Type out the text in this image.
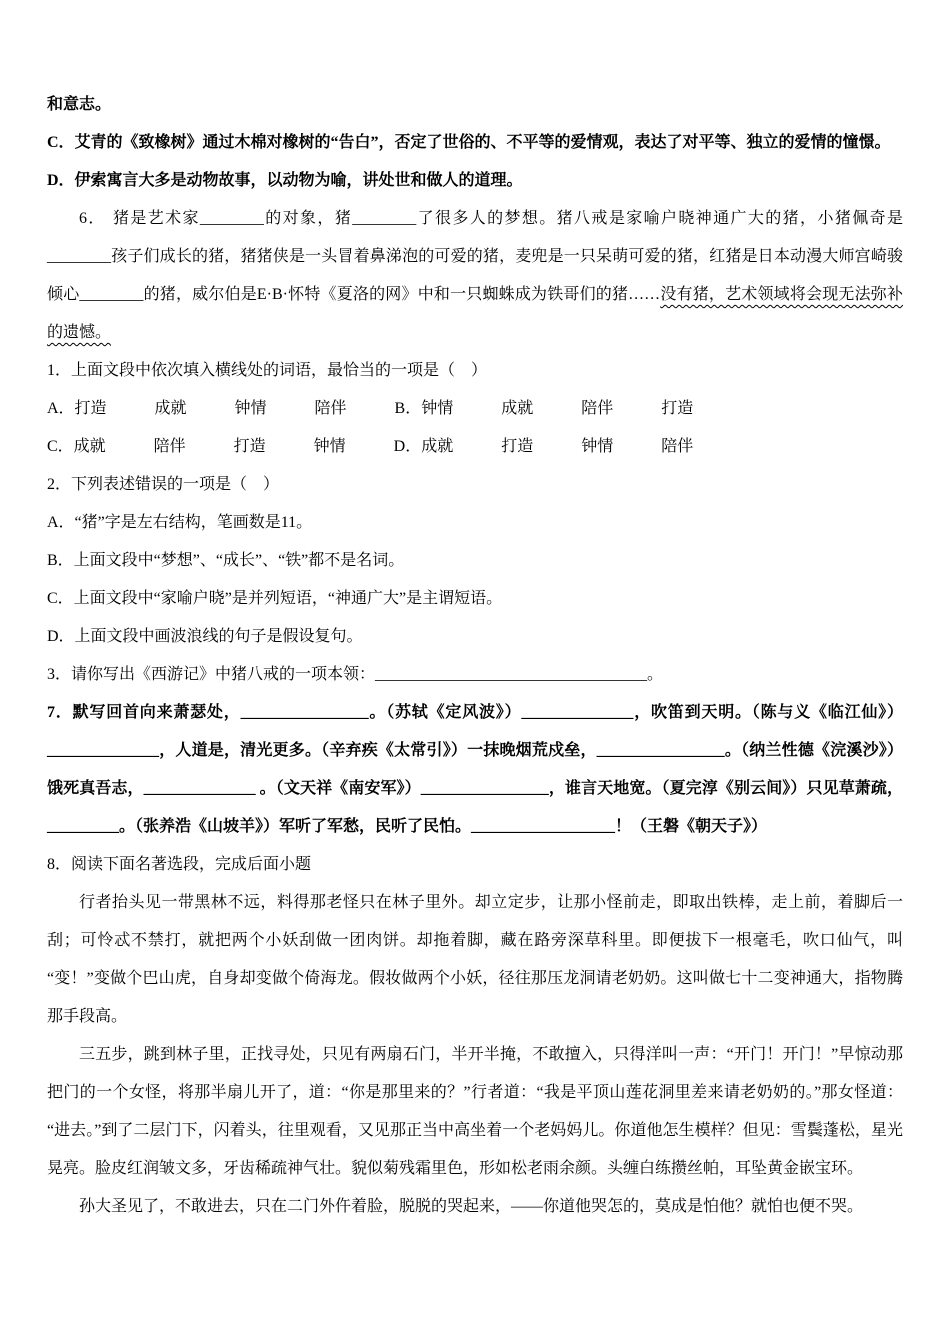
和意志。

C．艾青的《致橡树》通过木棉对橡树的“告白”，否定了世俗的、不平等的爱情观，表达了对平等、独立的爱情的憧憬。

D．伊索寓言大多是动物故事，以动物为喻，讲处世和做人的道理。

6． 猪是艺术家________的对象，猪________了很多人的梦想。猪八戒是家喻户晓神通广大的猪，小猪佩奇是________孩子们成长的猪，猪猪侠是一头冒着鼻涕泡的可爱的猪，麦兜是一只呆萌可爱的猪，红猪是日本动漫大师宫崎骏倾心________的猪，威尔伯是E·B·怀特《夏洛的网》中和一只蜘蛛成为铁哥们的猪……没有猪，艺术领域将会现无法弥补的遗憾。

1．上面文段中依次填入横线处的词语，最恰当的一项是（　）

A．打造　　　成就　　　钟情　　　陪伴　　　B．钟情　　　成就　　　陪伴　　　打造

C．成就　　　陪伴　　　打造　　　钟情　　　D．成就　　　打造　　　钟情　　　陪伴

2．下列表述错误的一项是（　）

A．“猪”字是左右结构，笔画数是11。

B．上面文段中“梦想”、“成长”、“铁”都不是名词。

C．上面文段中“家喻户晓”是并列短语，“神通广大”是主谓短语。

D．上面文段中画波浪线的句子是假设复句。

3．请你写出《西游记》中猪八戒的一项本领：__________________________________。

7．默写回首向来萧瑟处，________________。（苏轼《定风波》）______________，吹笛到天明。（陈与义《临江仙》）______________，人道是，清光更多。（辛弃疾《太常引》）一抹晚烟荒戍垒，________________。（纳兰性德《浣溪沙》）饿死真吾志，______________ 。（文天祥《南安军》）________________，谁言天地宽。（夏完淳《别云间》）只见草萧疏，_________。（张养浩《山坡羊》）军听了军愁，民听了民怕。__________________！（王磐《朝天子》）

8．阅读下面名著选段，完成后面小题

行者抬头见一带黑林不远，料得那老怪只在林子里外。却立定步，让那小怪前走，即取出铁棒，走上前，着脚后一刮；可怜忒不禁打，就把两个小妖刮做一团肉饼。却拖着脚，藏在路旁深草科里。即便拔下一根毫毛，吹口仙气，叫“变！”变做个巴山虎，自身却变做个倚海龙。假妆做两个小妖，径往那压龙洞请老奶奶。这叫做七十二变神通大，指物腾那手段高。

三五步，跳到林子里，正找寻处，只见有两扇石门，半开半掩，不敢擅入，只得洋叫一声：“开门！开门！”早惊动那把门的一个女怪，将那半扇儿开了，道：“你是那里来的？”行者道：“我是平顶山莲花洞里差来请老奶奶的。”那女怪道：“进去。”到了二层门下，闪着头，往里观看，又见那正当中高坐着一个老妈妈儿。你道他怎生模样？但见：雪鬓蓬松，星光晃亮。脸皮红润皱文多，牙齿稀疏神气壮。貌似菊残霜里色，形如松老雨余颜。头缠白练攒丝帕，耳坠黄金嵌宝环。

孙大圣见了，不敢进去，只在二门外仵着脸，脱脱的哭起来，——你道他哭怎的，莫成是怕他？就怕也便不哭。
